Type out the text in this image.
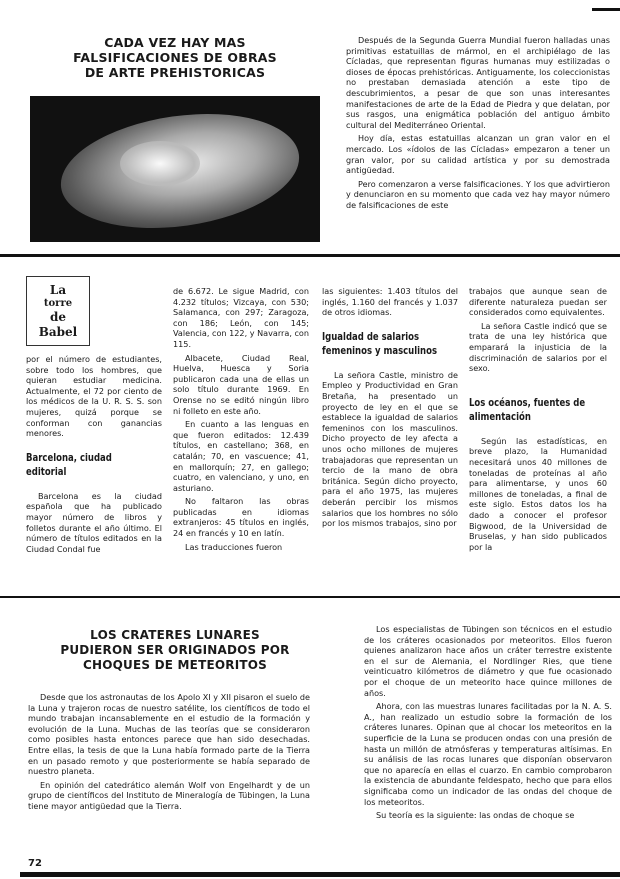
CADA VEZ HAY MAS
FALSIFICACIONES DE OBRAS
DE ARTE PREHISTORICAS

Después de la Segunda Guerra Mundial fueron halladas unas primitivas estatuillas de mármol, en el archipiélago de las Cícladas, que representan figuras humanas muy estilizadas o dioses de épocas prehistóricas. Antiguamente, los coleccionistas no prestaban demasiada atención a este tipo de descubrimientos, a pesar de que son unas interesantes manifestaciones de arte de la Edad de Piedra y que delatan, por sus rasgos, una enigmática población del antiguo ámbito cultural del Mediterráneo Oriental.

Hoy día, estas estatuillas alcanzan un gran valor en el mercado. Los «ídolos de las Cícladas» empezaron a tener un gran valor, por su calidad artística y por su demostrada antigüedad.

Pero comenzaron a verse falsificaciones. Y los que advirtieron y denunciaron en su momento que cada vez hay mayor número de falsificaciones de este

La
torre
de
Babel

por el número de estudiantes, sobre todo los hombres, que quieran estudiar medicina. Actualmente, el 72 por ciento de los médicos de la U. R. S. S. son mujeres, quizá porque se conforman con ganancias menores.

Barcelona, ciudad editorial

Barcelona es la ciudad española que ha publicado mayor número de libros y folletos durante el año último. El número de títulos editados en la Ciudad Condal fue

de 6.672. Le sigue Madrid, con 4.232 títulos; Vizcaya, con 530; Salamanca, con 297; Zaragoza, con 186; León, con 145; Valencia, con 122, y Navarra, con 115.

Albacete, Ciudad Real, Huelva, Huesca y Soria publicaron cada una de ellas un solo título durante 1969. En Orense no se editó ningún libro ni folleto en este año.

En cuanto a las lenguas en que fueron editados: 12.439 títulos, en castellano; 368, en catalán; 70, en vascuence; 41, en mallorquín; 27, en gallego; cuatro, en valenciano, y uno, en asturiano.

No faltaron las obras publicadas en idiomas extranjeros: 45 títulos en inglés, 24 en francés y 10 en latín.

Las traducciones fueron

las siguientes: 1.403 títulos del inglés, 1.160 del francés y 1.037 de otros idiomas.

Igualdad de salarios femeninos y masculinos

La señora Castle, ministro de Empleo y Productividad en Gran Bretaña, ha presentado un proyecto de ley en el que se establece la igualdad de salarios femeninos con los masculinos. Dicho proyecto de ley afecta a unos ocho millones de mujeres trabajadoras que representan un tercio de la mano de obra británica. Según dicho proyecto, para el año 1975, las mujeres deberán percibir los mismos salarios que los hombres no sólo por los mismos trabajos, sino por

trabajos que aunque sean de diferente naturaleza puedan ser considerados como equivalentes.

La señora Castle indicó que se trata de una ley histórica que emparará la injusticia de la discriminación de salarios por el sexo.

Los océanos, fuentes de alimentación

Según las estadísticas, en breve plazo, la Humanidad necesitará unos 40 millones de toneladas de proteínas al año para alimentarse, y unos 60 millones de toneladas, a final de este siglo. Estos datos los ha dado a conocer el profesor Bigwood, de la Universidad de Bruselas, y han sido publicados por la

LOS CRATERES LUNARES
PUDIERON SER ORIGINADOS POR
CHOQUES DE METEORITOS

Desde que los astronautas de los Apolo XI y XII pisaron el suelo de la Luna y trajeron rocas de nuestro satélite, los científicos de todo el mundo trabajan incansablemente en el estudio de la formación y evolución de la Luna. Muchas de las teorías que se consideraron como posibles hasta entonces parece que han sido desechadas. Entre ellas, la tesis de que la Luna había formado parte de la Tierra en un pasado remoto y que posteriormente se había separado de nuestro planeta.

En opinión del catedrático alemán Wolf von Engelhardt y de un grupo de científicos del Instituto de Mineralogía de Tübingen, la Luna tiene mayor antigüedad que la Tierra.

Los especialistas de Tübingen son técnicos en el estudio de los cráteres ocasionados por meteoritos. Ellos fueron quienes analizaron hace años un cráter terrestre existente en el sur de Alemania, el Nordlinger Ries, que tiene veinticuatro kilómetros de diámetro y que fue ocasionado por el choque de un meteorito hace quince millones de años.

Ahora, con las muestras lunares facilitadas por la N. A. S. A., han realizado un estudio sobre la formación de los cráteres lunares. Opinan que al chocar los meteoritos en la superficie de la Luna se producen ondas con una presión de hasta un millón de atmósferas y temperaturas altísimas. En su análisis de las rocas lunares que disponían observaron que no aparecía en ellas el cuarzo. En cambio comprobaron la existencia de abundante feldespato, hecho que para ellos significaba como un indicador de las ondas del choque de los meteoritos.

Su teoría es la siguiente: las ondas de choque se

72
